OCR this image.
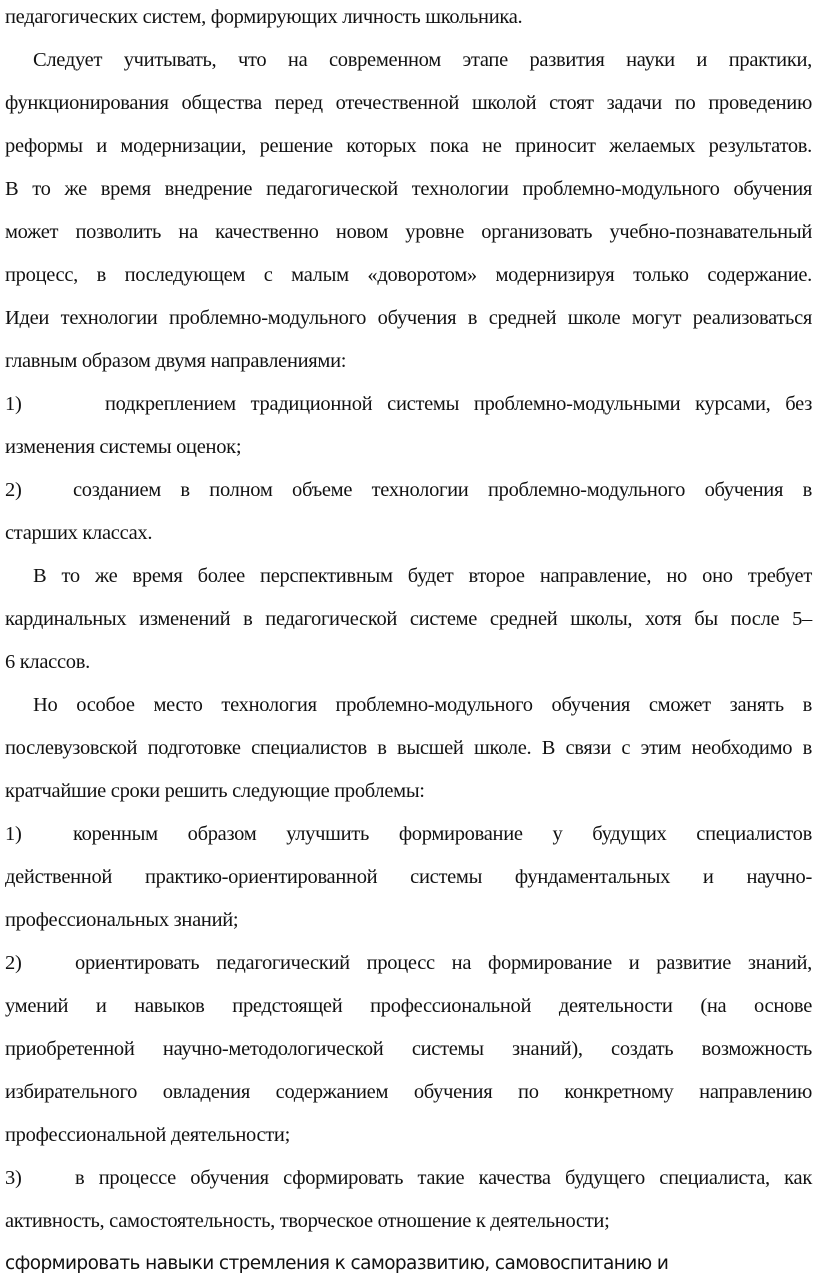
педагогических систем, формирующих личность школьника.
Следует учитывать, что на современном этапе развития науки и практики,
функционирования общества перед отечественной школой стоят задачи по проведению
реформы и модернизации, решение которых пока не приносит желаемых результатов.
В то же время внедрение педагогической технологии проблемно-модульного обучения
может позволить на качественно новом уровне организовать учебно-познавательный
процесс, в последующем с малым «доворотом» модернизируя только содержание.
Идеи технологии проблемно-модульного обучения в средней школе могут реализоваться
главным образом двумя направлениями:
1)	подкреплением традиционной системы проблемно-модульными курсами, без
изменения системы оценок;
2)	созданием в полном объеме технологии проблемно-модульного обучения в
старших классах.
В то же время более перспективным будет второе направление, но оно требует
кардинальных изменений в педагогической системе средней школы, хотя бы после 5–
6 классов.
Но особое место технология проблемно-модульного обучения сможет занять в
послевузовской подготовке специалистов в высшей школе. В связи с этим необходимо в
кратчайшие сроки решить следующие проблемы:
1)	коренным образом улучшить формирование у будущих специалистов
действенной практико-ориентированной системы фундаментальных и научно-
профессиональных знаний;
2)	ориентировать педагогический процесс на формирование и развитие знаний,
умений и навыков предстоящей профессиональной деятельности (на основе
приобретенной научно-методологической системы знаний), создать возможность
избирательного овладения содержанием обучения по конкретному направлению
профессиональной деятельности;
3)	в процессе обучения сформировать такие качества будущего специалиста, как
активность, самостоятельность, творческое отношение к деятельности;
сформировать навыки стремления к саморазвитию, самовоспитанию и
